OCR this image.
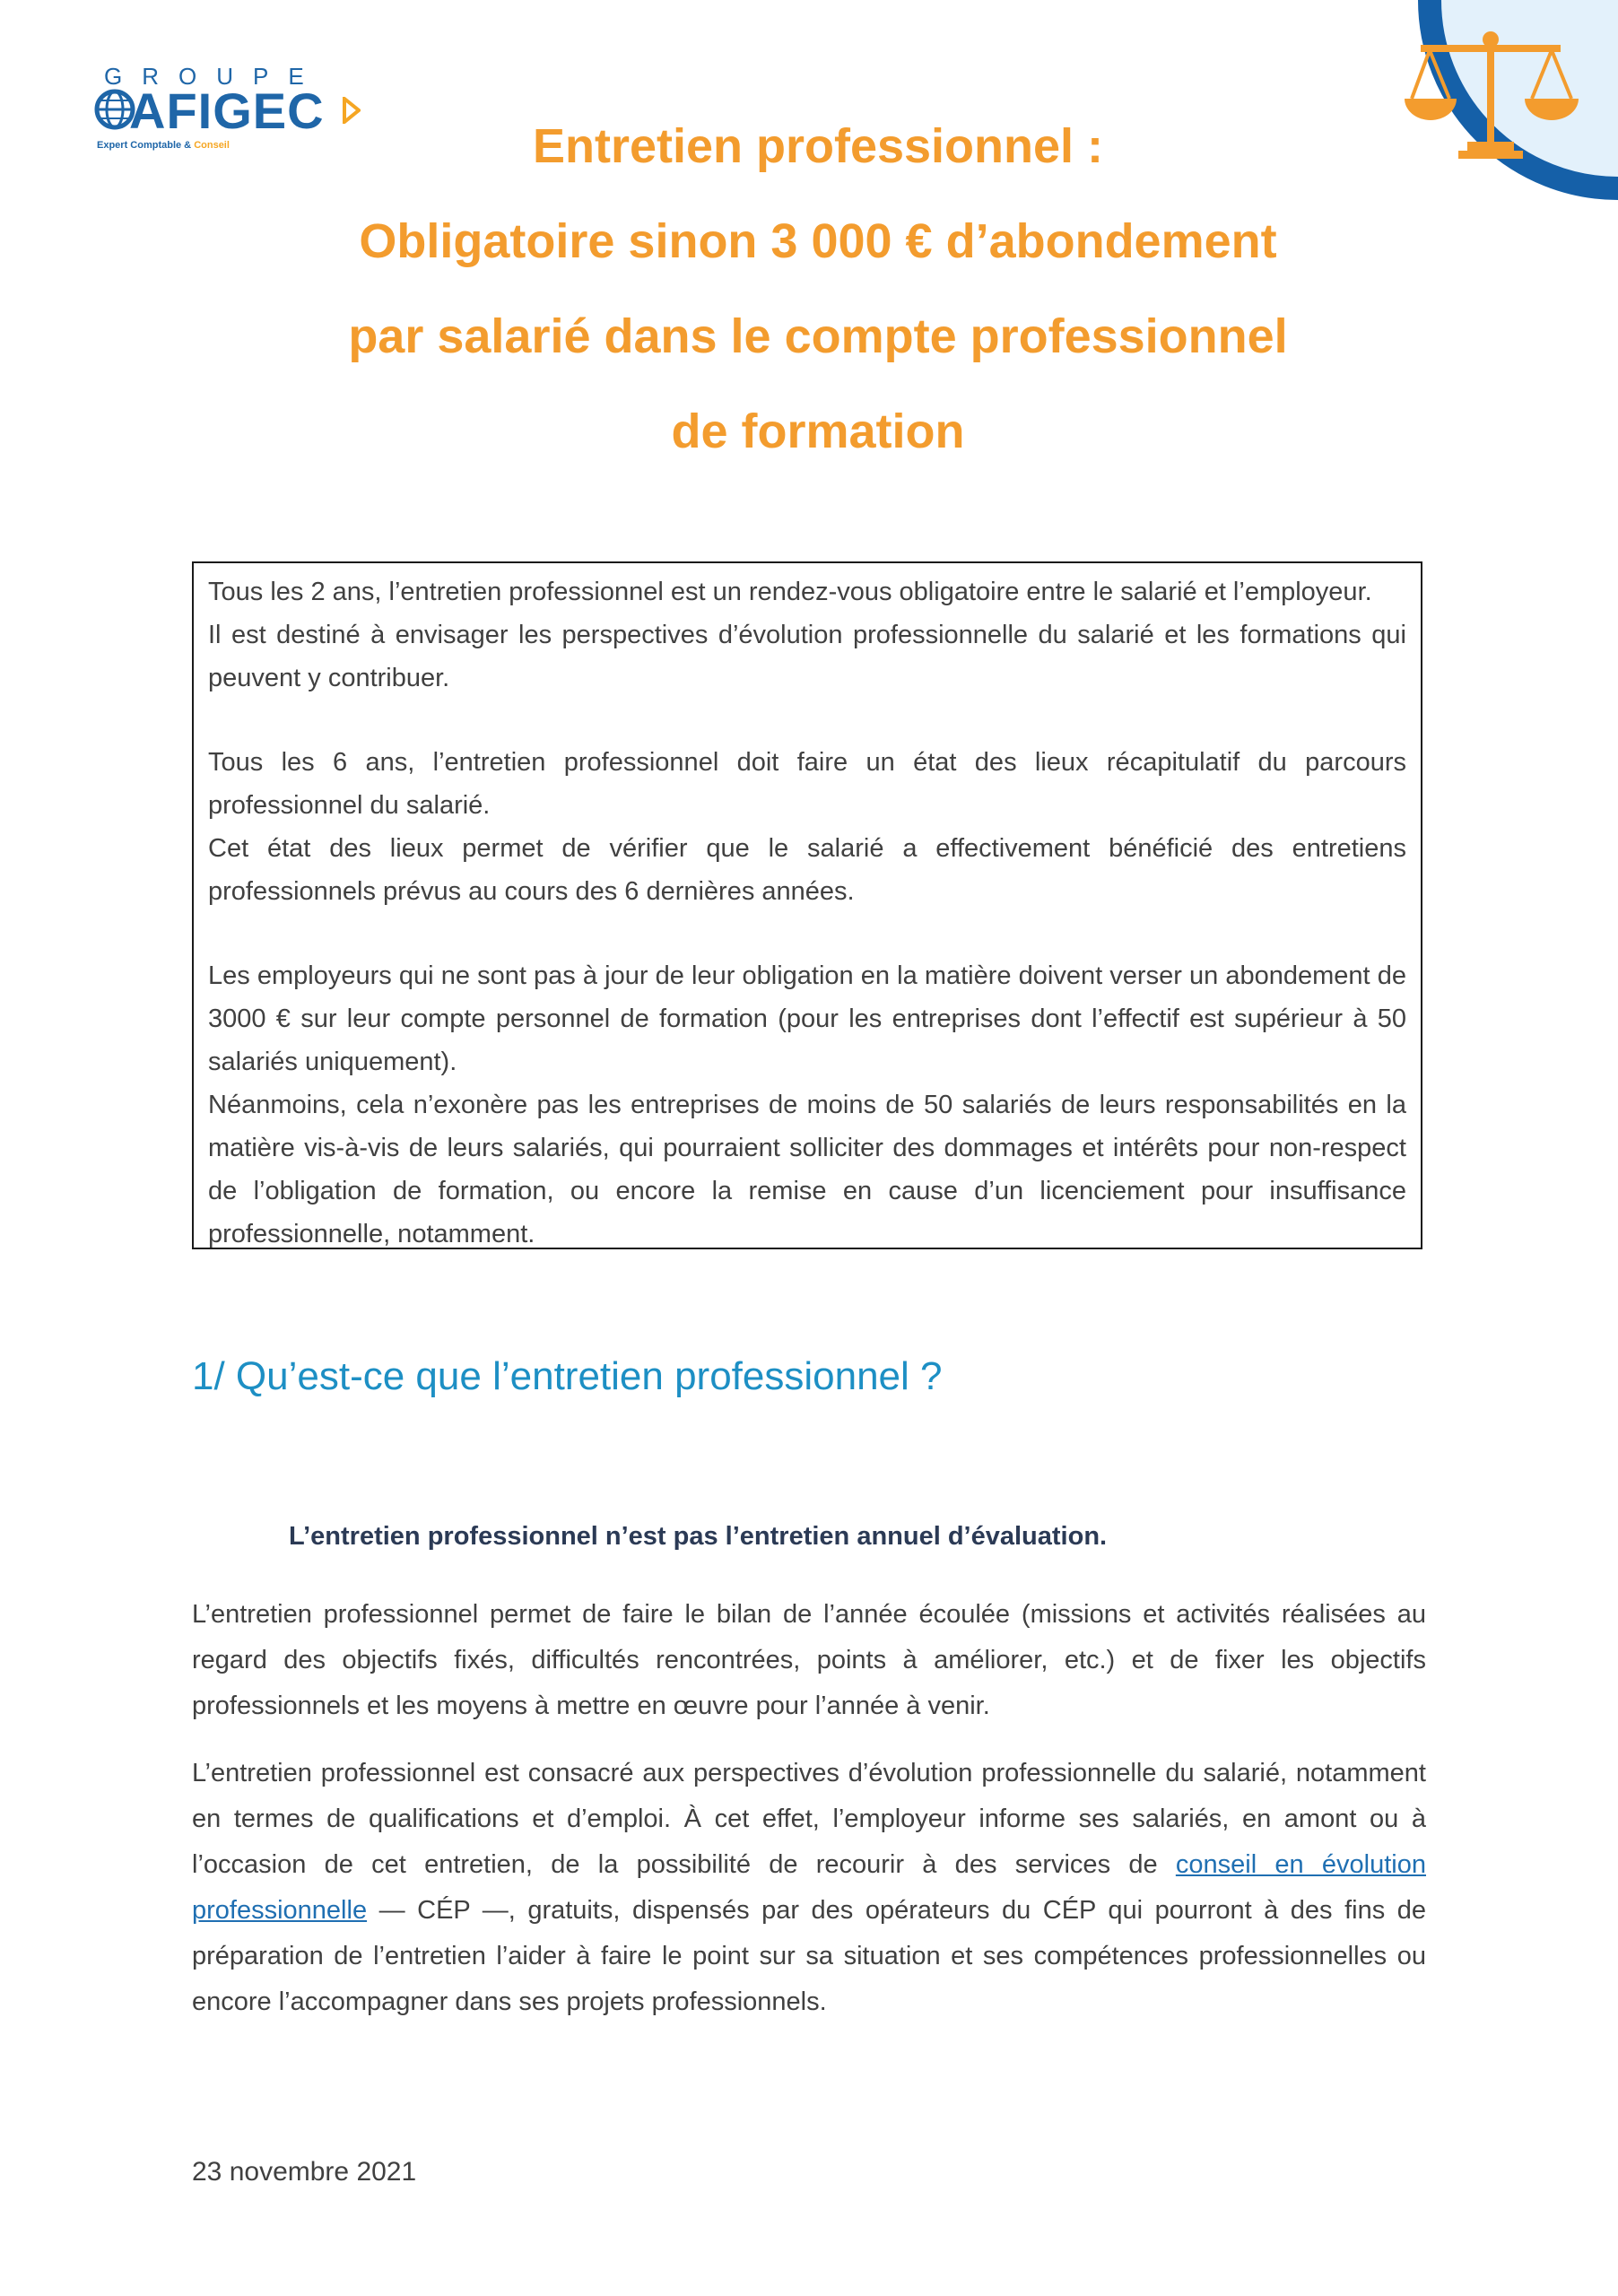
GROUPE
AFIGEC
Expert Comptable & Conseil	Entretien professionnel :
Obligatoire sinon 3 000 € d’abondement
par salarié dans le compte professionnel
de formation

Tous les 2 ans, l’entretien professionnel est un rendez-vous obligatoire entre le salarié et l’employeur.

Il est destiné à envisager les perspectives d’évolution professionnelle du salarié et les formations qui peuvent y contribuer.

Tous les 6 ans, l’entretien professionnel doit faire un état des lieux récapitulatif du parcours professionnel du salarié.

Cet état des lieux permet de vérifier que le salarié a effectivement bénéficié des entretiens professionnels prévus au cours des 6 dernières années.

Les employeurs qui ne sont pas à jour de leur obligation en la matière doivent verser un abondement de 3000 € sur leur compte personnel de formation (pour les entreprises dont l’effectif est supérieur à 50 salariés uniquement).

Néanmoins, cela n’exonère pas les entreprises de moins de 50 salariés de leurs responsabilités en la matière vis-à-vis de leurs salariés, qui pourraient solliciter des dommages et intérêts pour non-respect de l’obligation de formation, ou encore la remise en cause d’un licenciement pour insuffisance professionnelle, notamment.

1/ Qu’est-ce que l’entretien professionnel ?
L’entretien professionnel n’est pas l’entretien annuel d’évaluation.

L’entretien professionnel permet de faire le bilan de l’année écoulée (missions et activités réalisées au regard des objectifs fixés, difficultés rencontrées, points à améliorer, etc.) et de fixer les objectifs professionnels et les moyens à mettre en œuvre pour l’année à venir.

L’entretien professionnel est consacré aux perspectives d’évolution professionnelle du salarié, notamment en termes de qualifications et d’emploi. À cet effet, l’employeur informe ses salariés, en amont ou à l’occasion de cet entretien, de la possibilité de recourir à des services de conseil en évolution professionnelle — CÉP —, gratuits, dispensés par des opérateurs du CÉP qui pourront à des fins de préparation de l’entretien l’aider à faire le point sur sa situation et ses compétences professionnelles ou encore l’accompagner dans ses projets professionnels.

23 novembre 2021
